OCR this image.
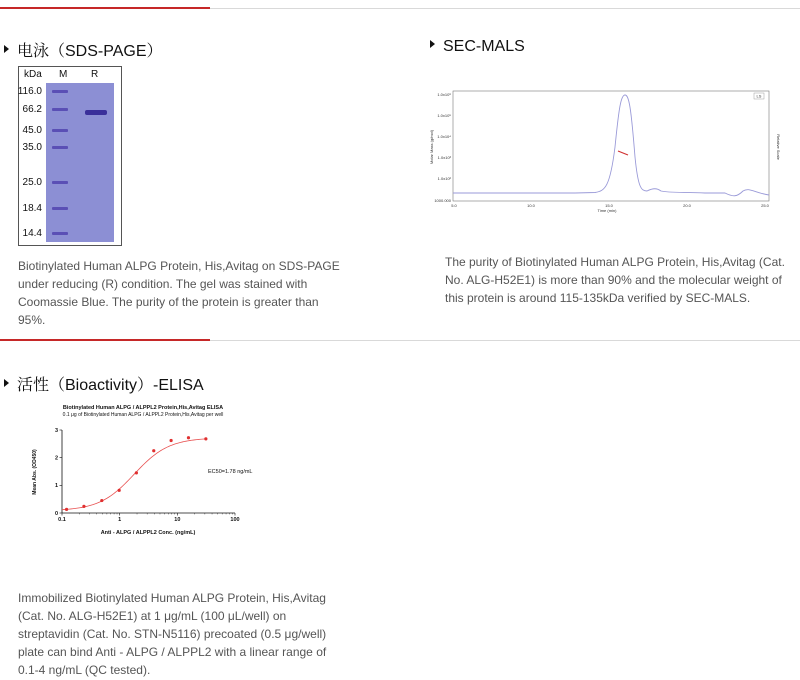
电泳（SDS-PAGE）
kDa M R
116.0
66.2
45.0
35.0
25.0
18.4
14.4
Biotinylated Human ALPG Protein, His,Avitag on SDS-PAGE under reducing (R) condition. The gel was stained with Coomassie Blue. The purity of the protein is greater than 95%.
SEC-MALS
1.0x10⁶
1.0x10⁵
1.0x10⁴
1.0x10³
1.0x10²
1000.000
5.0	10.0	15.0	20.0	25.0
Time (min)
Molar Mass (g/mol)	Relative Scale
LS
The purity of Biotinylated Human ALPG Protein, His,Avitag (Cat. No. ALG-H52E1) is more than 90% and the molecular weight of this protein is around 115-135kDa verified by SEC-MALS.
活性（Bioactivity）-ELISA
Biotinylated Human ALPG / ALPPL2 Protein,His,Avitag ELISA
0.1 μg of Biotinylated Human ALPG / ALPPL2 Protein,His,Avitag per well
Mean Abs. (OD450)
Anti - ALPG / ALPPL2 Conc. (ng/mL)
EC50=1.78 ng/mL
0
1
2
3
0.1	1	10	100
Immobilized Biotinylated Human ALPG Protein, His,Avitag (Cat. No. ALG-H52E1) at 1 μg/mL (100 μL/well) on streptavidin (Cat. No. STN-N5116) precoated (0.5 μg/well) plate can bind Anti - ALPG / ALPPL2 with a linear range of 0.1-4 ng/mL (QC tested).
